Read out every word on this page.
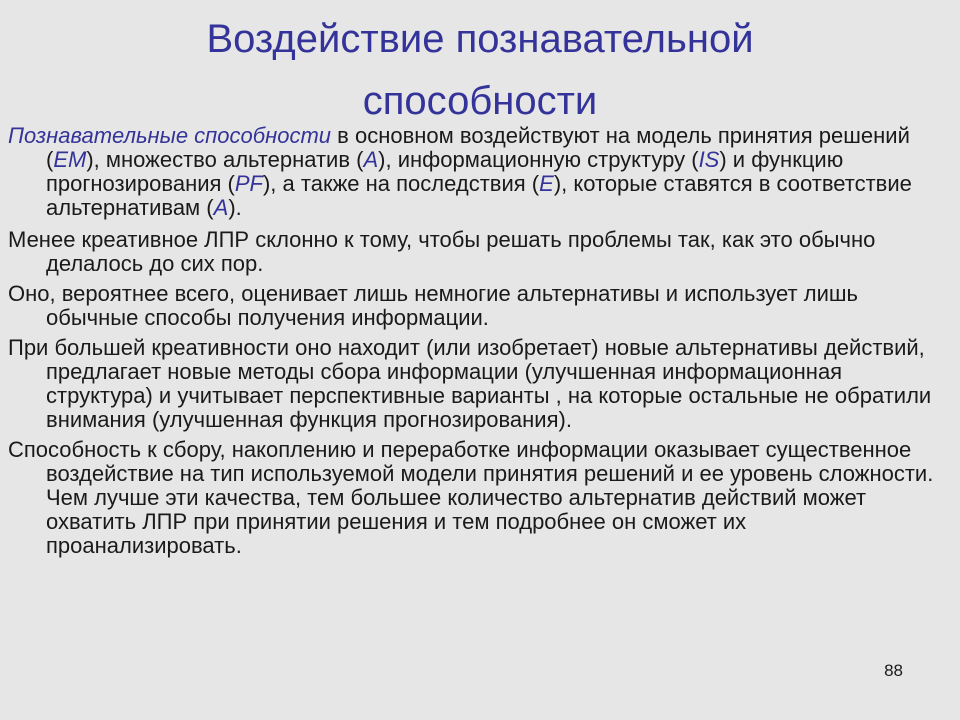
Воздействие познавательной
способности

Познавательные способности в основном воздействуют на модель принятия решений (EM), множество альтернатив (A), информационную структуру (IS) и функцию прогнозирования (PF), а также на последствия (E), которые ставятся в соответствие альтернативам (A).

Менее креативное ЛПР склонно к тому, чтобы решать проблемы так, как это обычно делалось до сих пор.

Оно, вероятнее всего, оценивает лишь немногие альтернативы и использует лишь обычные способы получения информации.

При большей креативности оно находит (или изобретает) новые альтернативы действий, предлагает новые методы сбора информации (улучшенная информационная структура) и учитывает перспективные варианты , на которые остальные не обратили внимания (улучшенная функция прогнозирования).

Способность к сбору, накоплению и переработке информации оказывает существенное воздействие на тип используемой модели принятия решений и ее уровень сложности. Чем лучше эти качества, тем большее количество альтернатив действий может охватить ЛПР при принятии решения и тем подробнее он сможет их проанализировать.

88
